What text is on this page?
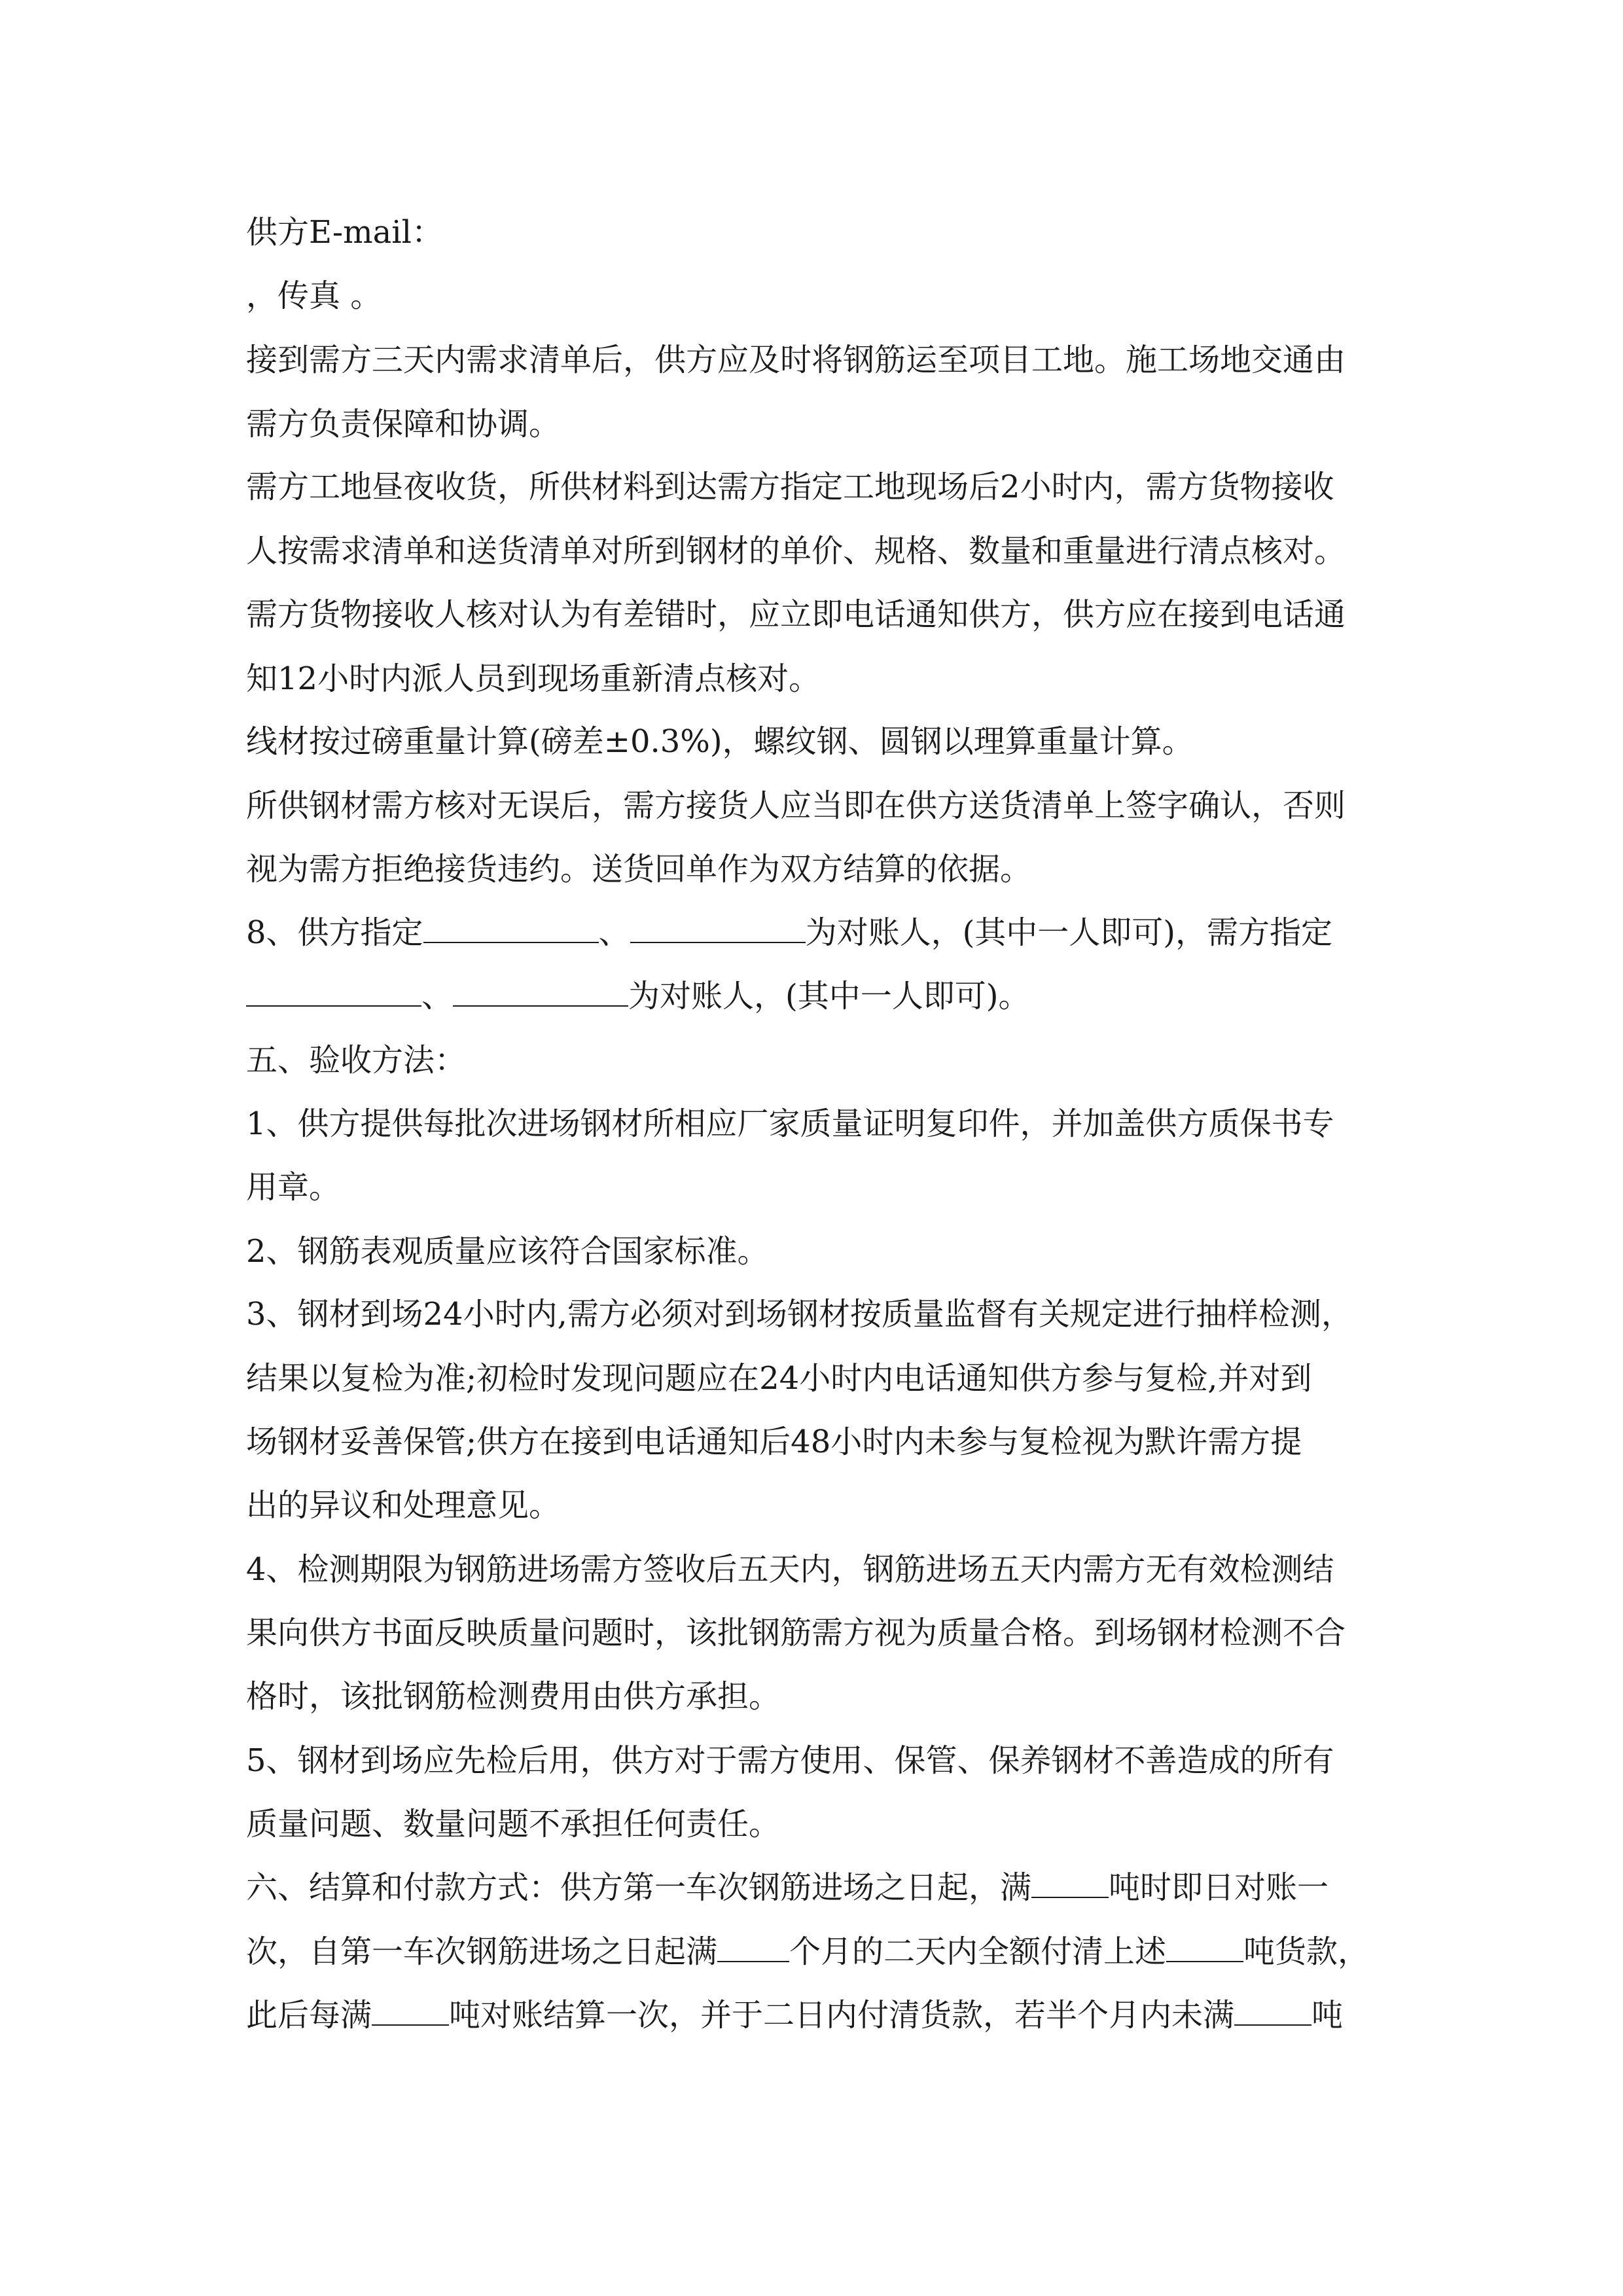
供方E-mail：
，传真 。
接到需方三天内需求清单后，供方应及时将钢筋运至项目工地。施工场地交通由
需方负责保障和协调。
需方工地昼夜收货，所供材料到达需方指定工地现场后2小时内，需方货物接收
人按需求清单和送货清单对所到钢材的单价、规格、数量和重量进行清点核对。
需方货物接收人核对认为有差错时，应立即电话通知供方，供方应在接到电话通
知12小时内派人员到现场重新清点核对。
线材按过磅重量计算(磅差±0.3%)，螺纹钢、圆钢以理算重量计算。
所供钢材需方核对无误后，需方接货人应当即在供方送货清单上签字确认，否则
视为需方拒绝接货违约。送货回单作为双方结算的依据。
8、供方指定	、	为对账人，(其中一人即可)，需方指定
、	为对账人，(其中一人即可)。
五、验收方法：
1、供方提供每批次进场钢材所相应厂家质量证明复印件，并加盖供方质保书专
用章。
2、钢筋表观质量应该符合国家标准。
3、钢材到场24小时内,需方必须对到场钢材按质量监督有关规定进行抽样检测，
结果以复检为准;初检时发现问题应在24小时内电话通知供方参与复检,并对到
场钢材妥善保管;供方在接到电话通知后48小时内未参与复检视为默许需方提
出的异议和处理意见。
4、检测期限为钢筋进场需方签收后五天内，钢筋进场五天内需方无有效检测结
果向供方书面反映质量问题时，该批钢筋需方视为质量合格。到场钢材检测不合
格时，该批钢筋检测费用由供方承担。
5、钢材到场应先检后用，供方对于需方使用、保管、保养钢材不善造成的所有
质量问题、数量问题不承担任何责任。
六、结算和付款方式：供方第一车次钢筋进场之日起，满 吨时即日对账一
次，自第一车次钢筋进场之日起满 个月的二天内全额付清上述 吨货款，
此后每满 吨对账结算一次，并于二日内付清货款，若半个月内未满 吨
